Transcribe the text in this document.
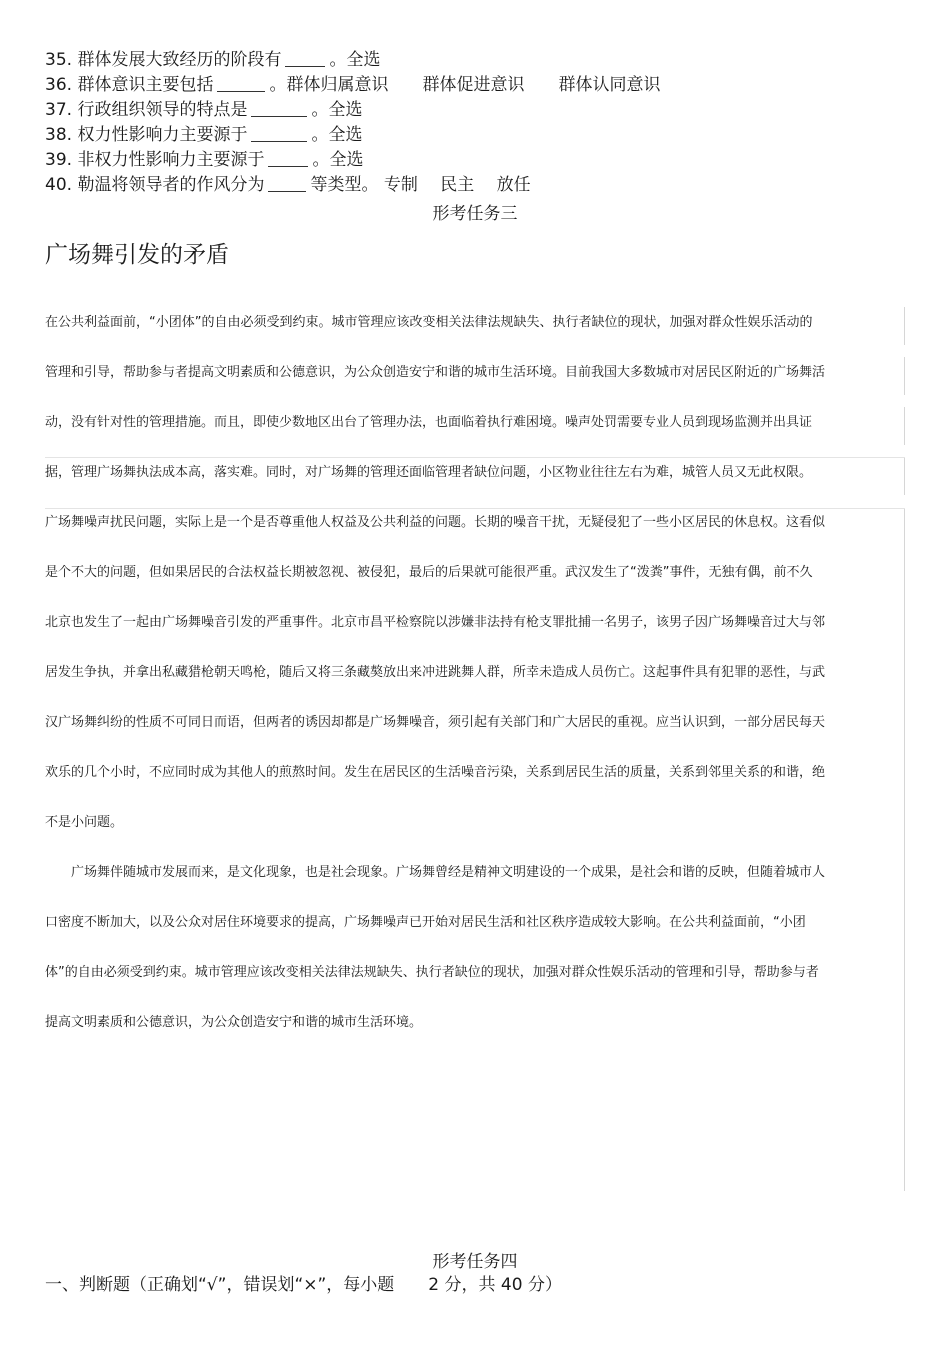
35. 群体发展大致经历的阶段有	。全选
36. 群体意识主要包括	。群体归属意识　　群体促进意识　　群体认同意识
37. 行政组织领导的特点是	。全选
38. 权力性影响力主要源于	。全选
39. 非权力性影响力主要源于	。全选
40. 勒温将领导者的作风分为	等类型。 专制　 民主　 放任
形考任务三
广场舞引发的矛盾

在公共利益面前，“小团体”的自由必须受到约束。城市管理应该改变相关法律法规缺失、执行者缺位的现状，加强对群众性娱乐活动的管理和引导，帮助参与者提高文明素质和公德意识，为公众创造安宁和谐的城市生活环境。目前我国大多数城市对居民区附近的广场舞活动，没有针对性的管理措施。而且，即使少数地区出台了管理办法，也面临着执行难困境。噪声处罚需要专业人员到现场监测并出具证据，管理广场舞执法成本高，落实难。同时，对广场舞的管理还面临管理者缺位问题，小区物业往往左右为难，城管人员又无此权限。

广场舞噪声扰民问题，实际上是一个是否尊重他人权益及公共利益的问题。长期的噪音干扰，无疑侵犯了一些小区居民的休息权。这看似是个不大的问题，但如果居民的合法权益长期被忽视、被侵犯，最后的后果就可能很严重。武汉发生了“泼粪”事件，无独有偶，前不久北京也发生了一起由广场舞噪音引发的严重事件。北京市昌平检察院以涉嫌非法持有枪支罪批捕一名男子，该男子因广场舞噪音过大与邻居发生争执，并拿出私藏猎枪朝天鸣枪，随后又将三条藏獒放出来冲进跳舞人群，所幸未造成人员伤亡。这起事件具有犯罪的恶性，与武汉广场舞纠纷的性质不可同日而语，但两者的诱因却都是广场舞噪音，须引起有关部门和广大居民的重视。应当认识到，一部分居民每天欢乐的几个小时，不应同时成为其他人的煎熬时间。发生在居民区的生活噪音污染，关系到居民生活的质量，关系到邻里关系的和谐，绝不是小问题。

　　广场舞伴随城市发展而来，是文化现象，也是社会现象。广场舞曾经是精神文明建设的一个成果，是社会和谐的反映，但随着城市人口密度不断加大，以及公众对居住环境要求的提高，广场舞噪声已开始对居民生活和社区秩序造成较大影响。在公共利益面前，“小团体”的自由必须受到约束。城市管理应该改变相关法律法规缺失、执行者缺位的现状，加强对群众性娱乐活动的管理和引导，帮助参与者提高文明素质和公德意识，为公众创造安宁和谐的城市生活环境。

形考任务四
一、判断题（正确划“√”，错误划“×”，每小题　　2 分，共 40 分）
